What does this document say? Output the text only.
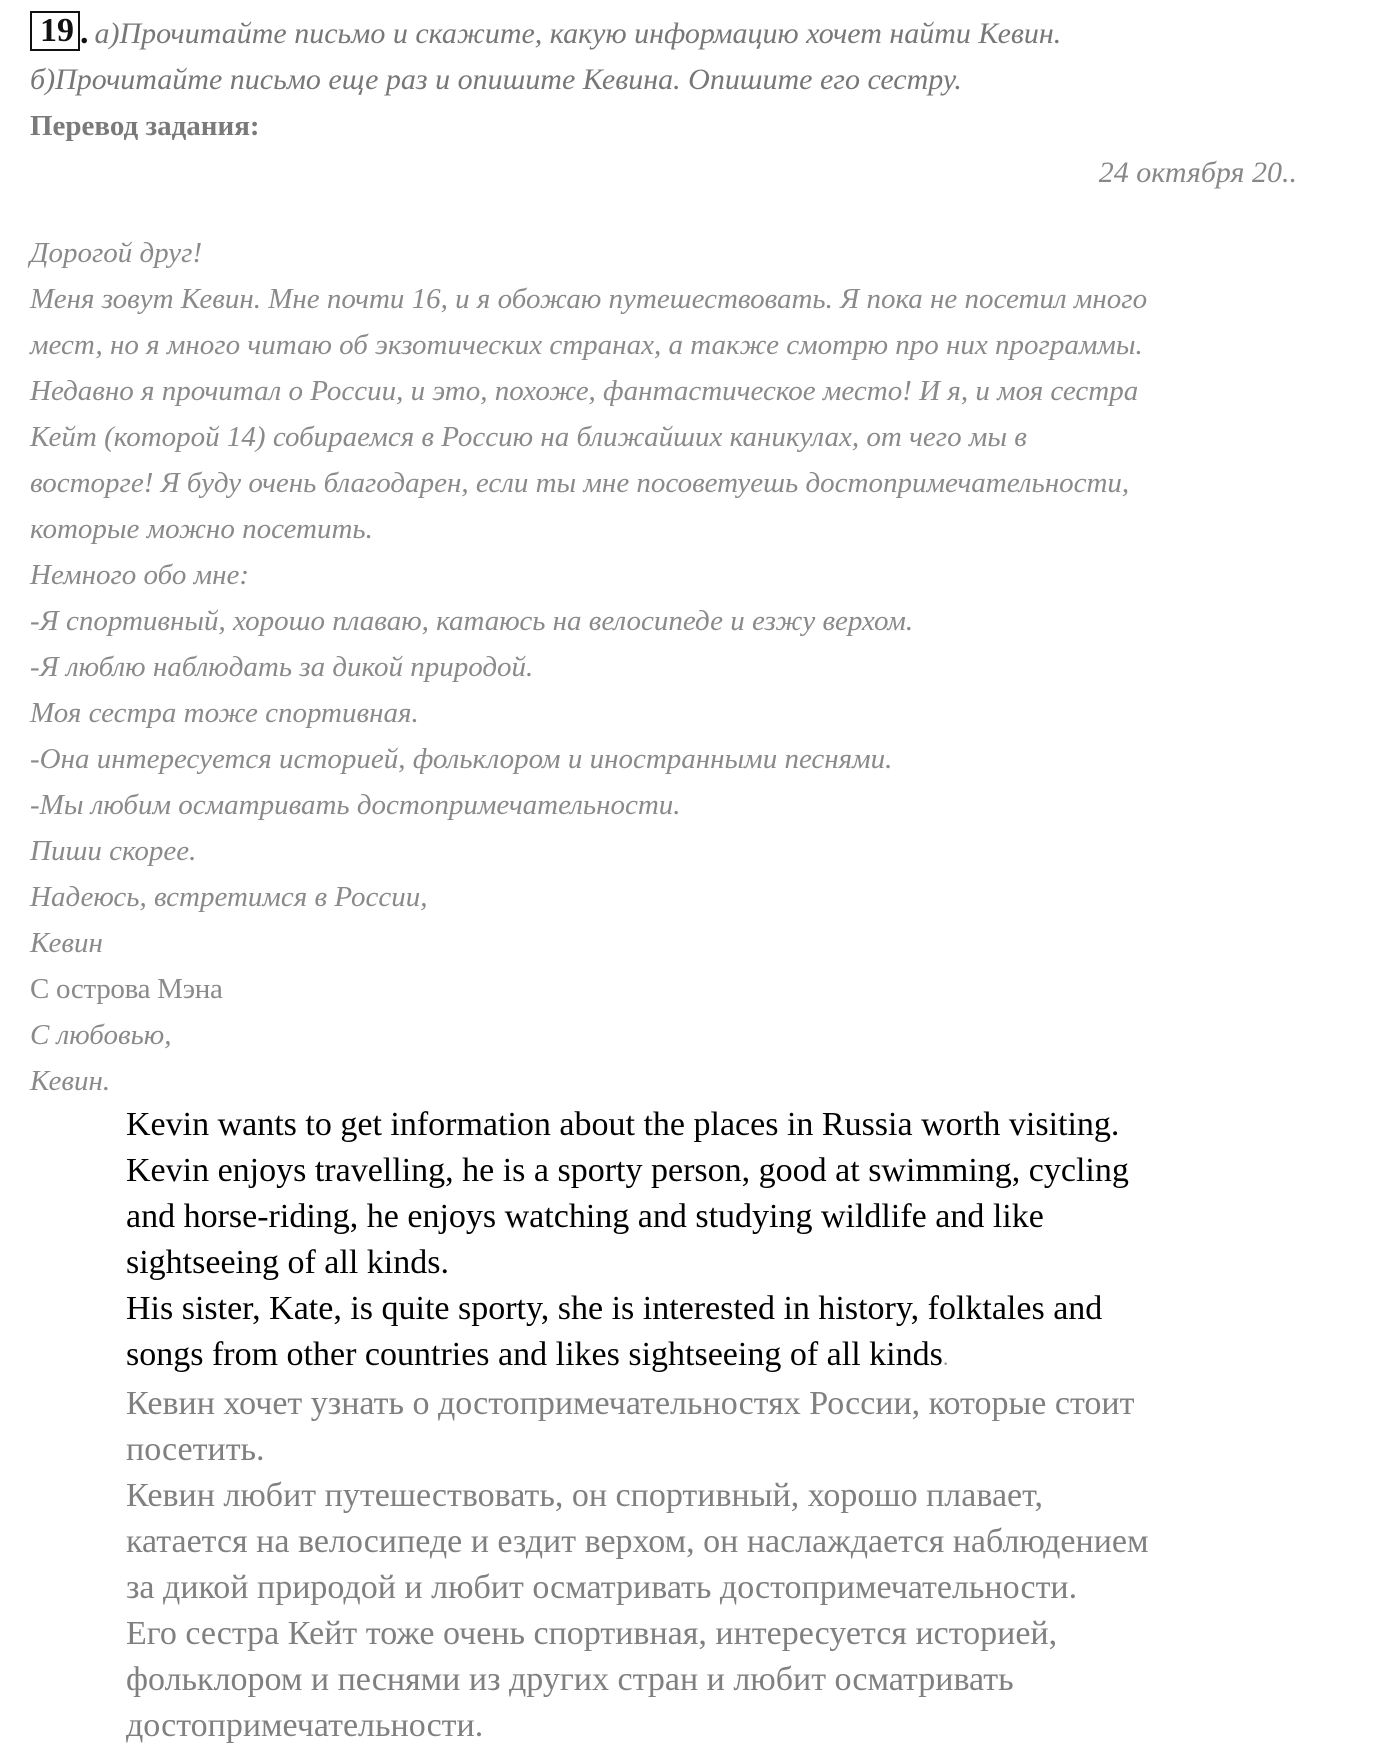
19 . а)Прочитайте письмо и скажите, какую информацию хочет найти Кевин.
б)Прочитайте письмо еще раз и опишите Кевина. Опишите его сестру.
Перевод задания:
24 октября 20..
Дорогой друг!
Меня зовут Кевин. Мне почти 16, и я обожаю путешествовать. Я пока не посетил много
мест, но я много читаю об экзотических странах, а также смотрю про них программы.
Недавно я прочитал о России, и это, похоже, фантастическое место! И я, и моя сестра
Кейт (которой 14) собираемся в Россию на ближайших каникулах, от чего мы в
восторге! Я буду очень благодарен, если ты мне посоветуешь достопримечательности,
которые можно посетить.
Немного обо мне:
-Я спортивный, хорошо плаваю, катаюсь на велосипеде и езжу верхом.
-Я люблю наблюдать за дикой природой.
Моя сестра тоже спортивная.
-Она интересуется историей, фольклором и иностранными песнями.
-Мы любим осматривать достопримечательности.
Пиши скорее.
Надеюсь, встретимся в России,
Кевин
С острова Мэна
С любовью,
Кевин.
Kevin wants to get information about the places in Russia worth visiting.
Kevin enjoys travelling, he is a sporty person, good at swimming, cycling
and horse-riding, he enjoys watching and studying wildlife and like
sightseeing of all kinds.
His sister, Kate, is quite sporty, she is interested in history, folktales and
songs from other countries and likes sightseeing of all kinds.
Кевин хочет узнать о достопримечательностях России, которые стоит
посетить.
Кевин любит путешествовать, он спортивный, хорошо плавает,
катается на велосипеде и ездит верхом, он наслаждается наблюдением
за дикой природой и любит осматривать достопримечательности.
Его сестра Кейт тоже очень спортивная, интересуется историей,
фольклором и песнями из других стран и любит осматривать
достопримечательности.
